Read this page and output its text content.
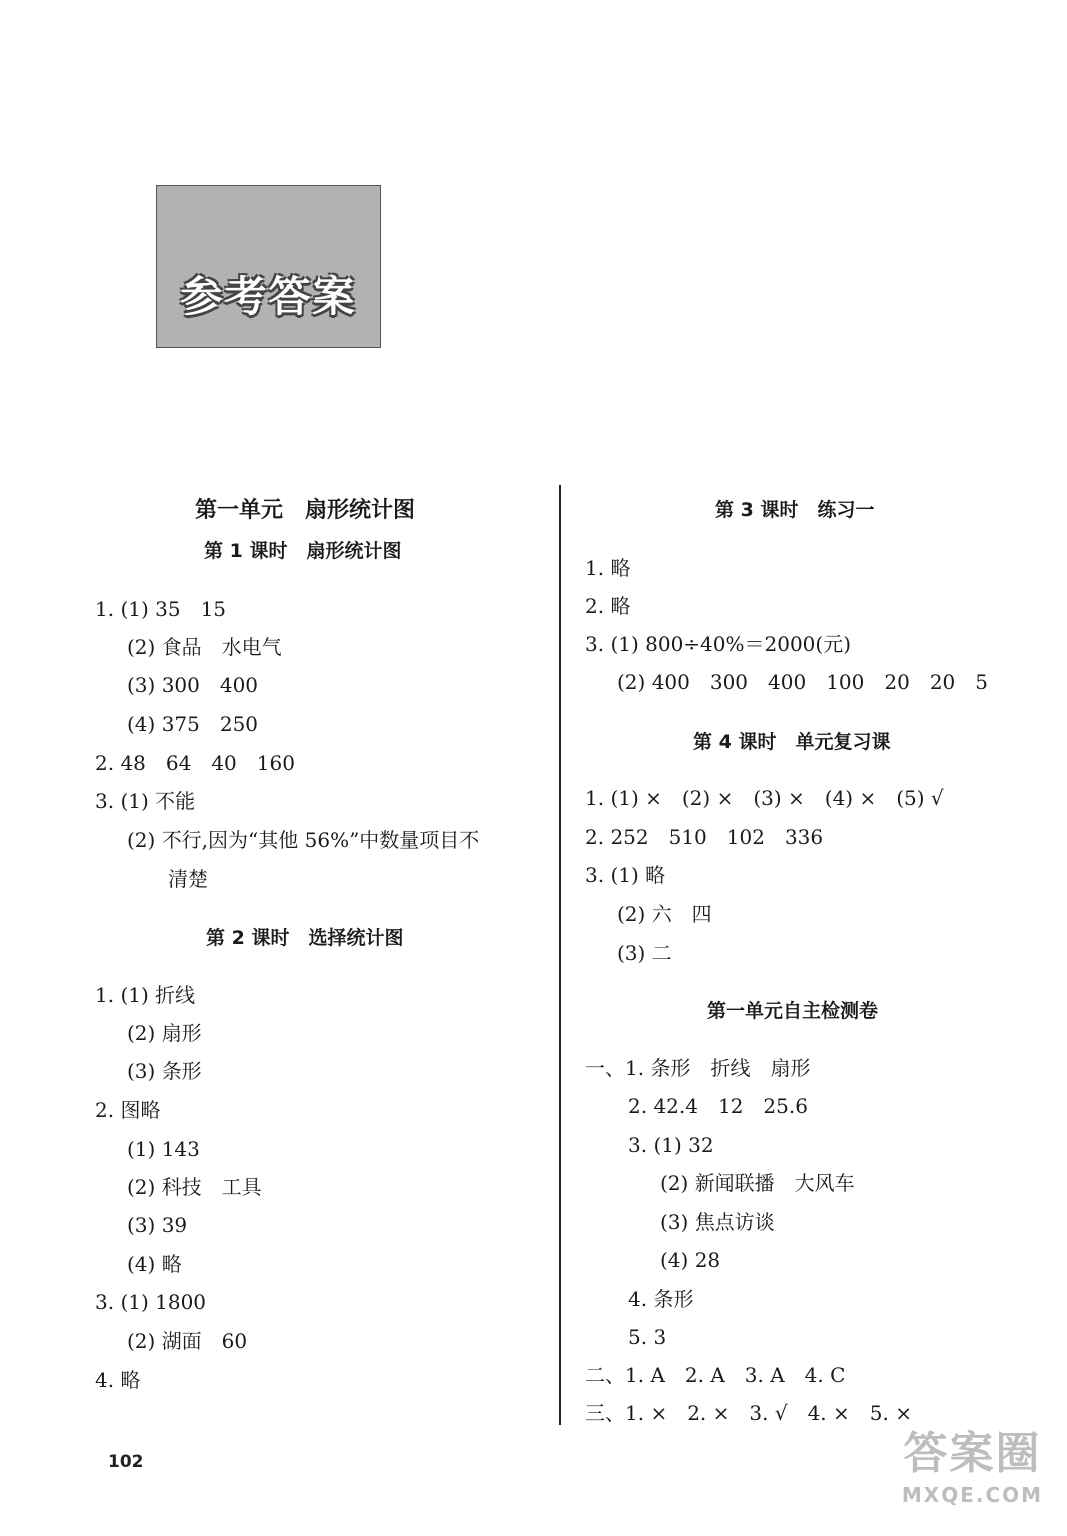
参考答案
第一单元　扇形统计图
第 1 课时　扇形统计图
1. (1) 35　15
(2) 食品　水电气
(3) 300　400
(4) 375　250
2. 48　64　40　160
3. (1) 不能
(2) 不行,因为“其他 56%”中数量项目不
清楚
第 2 课时　选择统计图
1. (1) 折线
(2) 扇形
(3) 条形
2. 图略
(1) 143
(2) 科技　工具
(3) 39
(4) 略
3. (1) 1800
(2) 湖面　60
4. 略
第 3 课时　练习一
1. 略
2. 略
3. (1) 800÷40%＝2000(元)
(2) 400　300　400　100　20　20　5
第 4 课时　单元复习课
1. (1) ×　(2) ×　(3) ×　(4) ×　(5) √
2. 252　510　102　336
3. (1) 略
(2) 六　四
(3) 二
第一单元自主检测卷
一、1. 条形　折线　扇形
2. 42.4　12　25.6
3. (1) 32
(2) 新闻联播　大风车
(3) 焦点访谈
(4) 28
4. 条形
5. 3
二、1. A　2. A　3. A　4. C
三、1. ×　2. ×　3. √　4. ×　5. ×
102	答案圈
MXQE.COM
